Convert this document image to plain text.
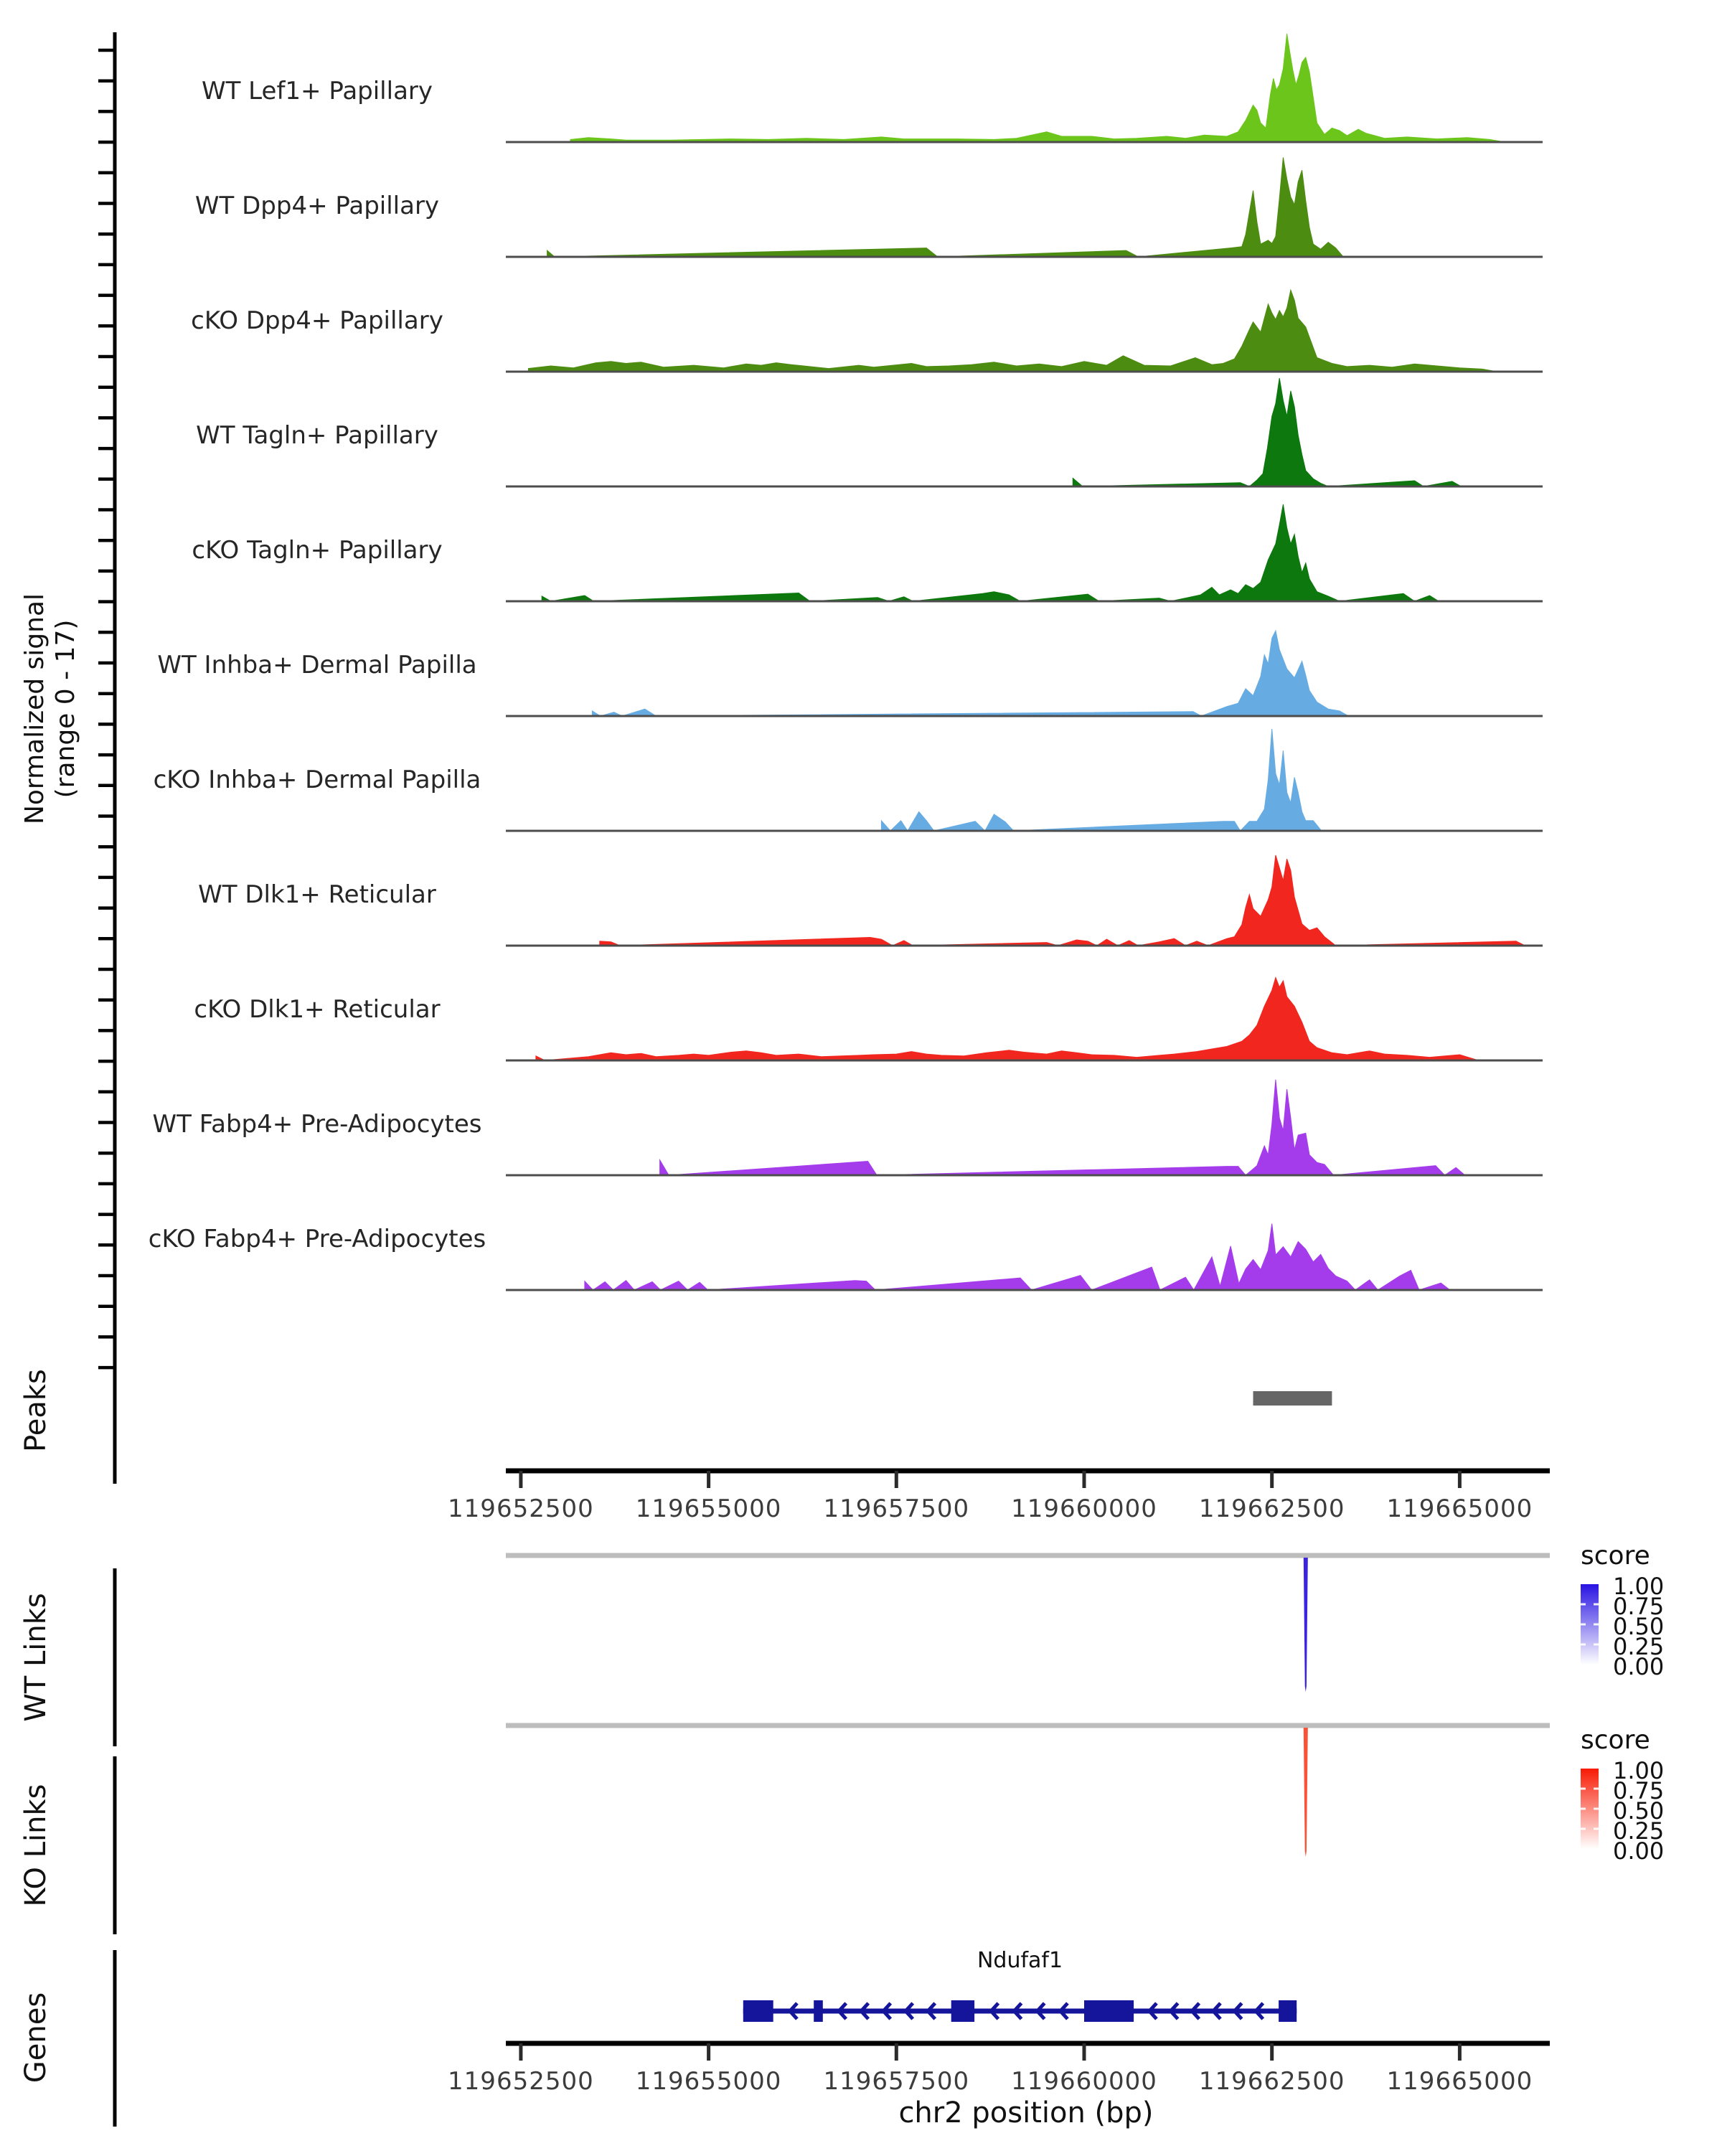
Normalized signal (range 0 - 17)
WT Lef1+ Papillary
WT Dpp4+ Papillary
cKO Dpp4+ Papillary
WT Tagln+ Papillary
cKO Tagln+ Papillary
WT Inhba+ Dermal Papilla
cKO Inhba+ Dermal Papilla
WT Dlk1+ Reticular
cKO Dlk1+ Reticular
WT Fabp4+ Pre-Adipocytes
cKO Fabp4+ Pre-Adipocytes
Peaks
119652500 119655000 119657500 119660000 119662500 119665000
WT Links
score
1.00
0.75
0.50
0.25
0.00
KO Links
score
1.00
0.75
0.50
0.25
0.00
Genes
Ndufaf1
119652500 119655000 119657500 119660000 119662500 119665000
chr2 position (bp)
